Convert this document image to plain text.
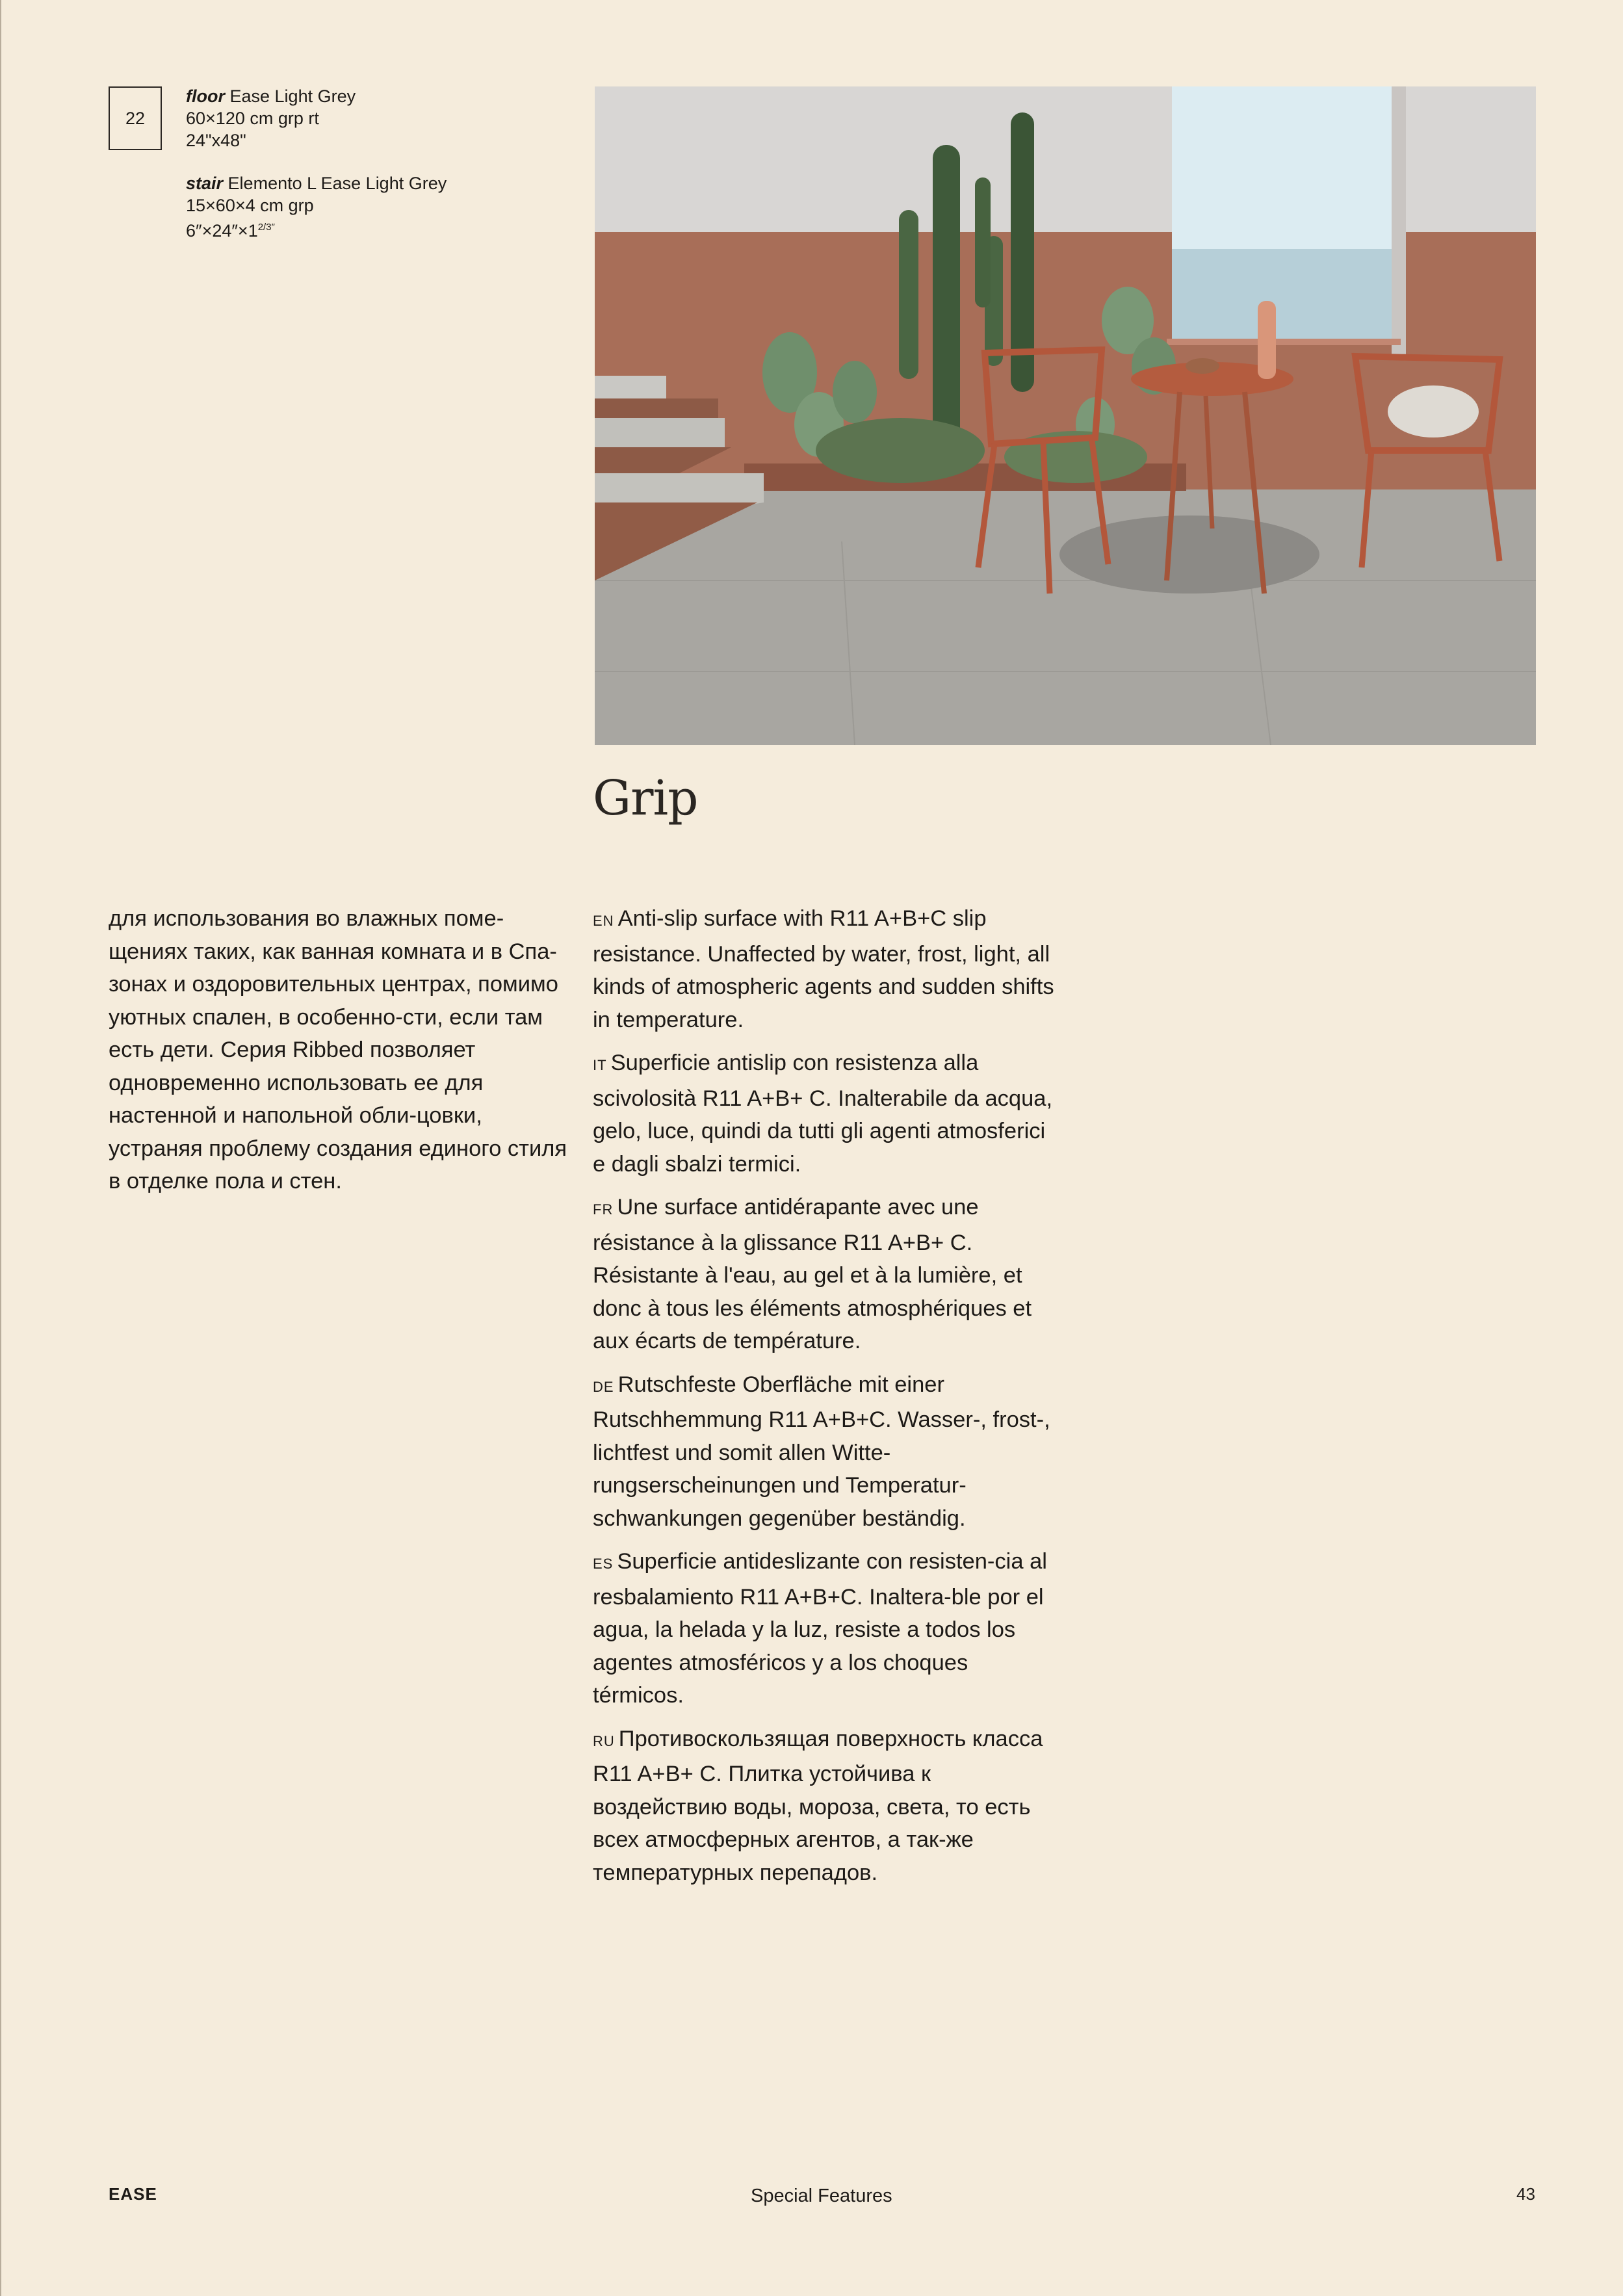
22
floor Ease Light Grey
60×120 cm grp rt
24"x48"
stair Elemento L Ease Light Grey
15×60×4 cm grp
$6''\times 24''\times 1^{2/3''}$
Grip

для использования во влажных поме-щениях таких, как ванная комната и в Спа-зонах и оздоровительных центрах, помимо уютных спален, в особенно-сти, если там есть дети. Серия Ribbed позволяет одновременно использовать ее для настенной и напольной обли-цовки, устраняя проблему создания единого стиля в отделке пола и стен.

EN Anti-slip surface with R11 A+B+C slip resistance. Unaffected by water, frost, light, all kinds of atmospheric agents and sudden shifts in temperature.

IT Superficie antislip con resistenza alla scivolosità R11 A+B+ C. Inalterabile da acqua, gelo, luce, quindi da tutti gli agenti atmosferici e dagli sbalzi termici.

FR Une surface antidérapante avec une résistance à la glissance R11 A+B+ C. Résistante à l'eau, au gel et à la lumière, et donc à tous les éléments atmosphériques et aux écarts de température.

DE Rutschfeste Oberfläche mit einer Rutschhemmung R11 A+B+C. Wasser-, frost-, lichtfest und somit allen Witte-rungserscheinungen und Temperatur-schwankungen gegenüber beständig.

ES Superficie antideslizante con resisten-cia al resbalamiento R11 A+B+C. Inaltera-ble por el agua, la helada y la luz, resiste a todos los agentes atmosféricos y a los choques térmicos.

RU Противоскользящая поверхность класса R11 A+B+ C. Плитка устойчива к воздействию воды, мороза, света, то есть всех атмосферных агентов, а так-же температурных перепадов.

EASE	Special Features	43
